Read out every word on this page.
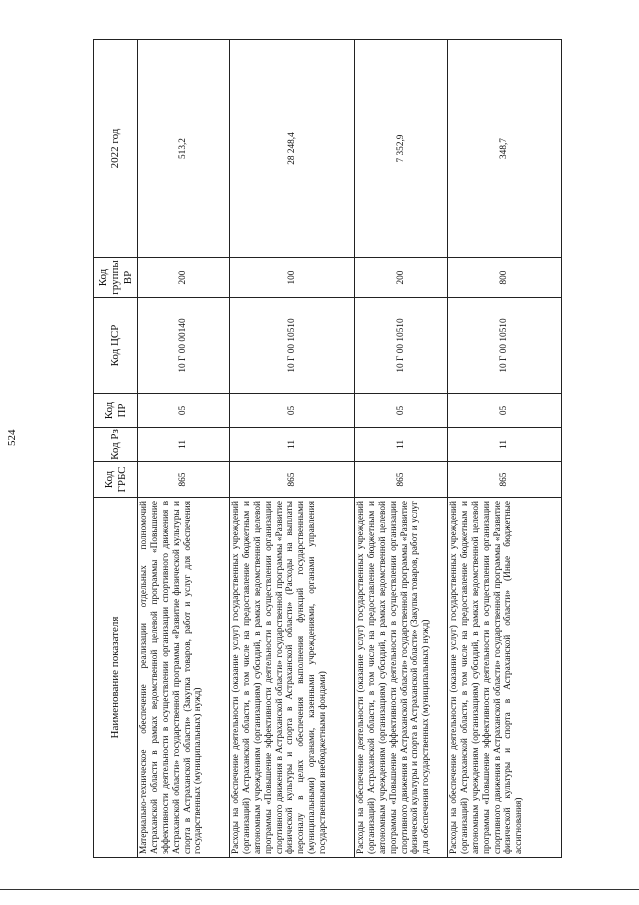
524
Наименование показателя	Код ГРБС	Код Рз	Код ПР	Код ЦСР	Код группы ВР	2022 год
Материально-техническое обеспечение реализации отдельных полномочий Астраханской области в рамках ведомственной целевой программы «Повышение эффективности деятельности в осуществлении организации спортивного движения в Астраханской области» государственной программы «Развитие физической культуры и спорта в Астраханской области» (Закупка товаров, работ и услуг для обеспечения государственных (муниципальных) нужд)	865	11	05	10 Г 00 00140	200	513,2
Расходы на обеспечение деятельности (оказание услуг) государственных учреждений (организаций) Астраханской области, в том числе на предоставление бюджетным и автономным учреждениям (организациям) субсидий, в рамках ведомственной целевой программы «Повышение эффективности деятельности в осуществлении организации спортивного движения в Астраханской области» государственной программы «Развитие физической культуры и спорта в Астраханской области» (Расходы на выплаты персоналу в целях обеспечения выполнения функций государственными (муниципальными) органами, казенными учреждениями, органами управления государственными внебюджетными фондами)	865	11	05	10 Г 00 10510	100	28 248,4
Расходы на обеспечение деятельности (оказание услуг) государственных учреждений (организаций) Астраханской области, в том числе на предоставление бюджетным и автономным учреждениям (организациям) субсидий, в рамках ведомственной целевой программы «Повышение эффективности деятельности в осуществлении организации спортивного движения в Астраханской области» государственной программы «Развитие физической культуры и спорта в Астраханской области» (Закупка товаров, работ и услуг для обеспечения государственных (муниципальных) нужд)	865	11	05	10 Г 00 10510	200	7 352,9
Расходы на обеспечение деятельности (оказание услуг) государственных учреждений (организаций) Астраханской области, в том числе на предоставление бюджетным и автономным учреждениям (организациям) субсидий, в рамках ведомственной целевой программы «Повышение эффективности деятельности в осуществлении организации спортивного движения в Астраханской области» государственной программы «Развитие физической культуры и спорта в Астраханской области» (Иные бюджетные ассигнования)	865	11	05	10 Г 00 10510	800	348,7
